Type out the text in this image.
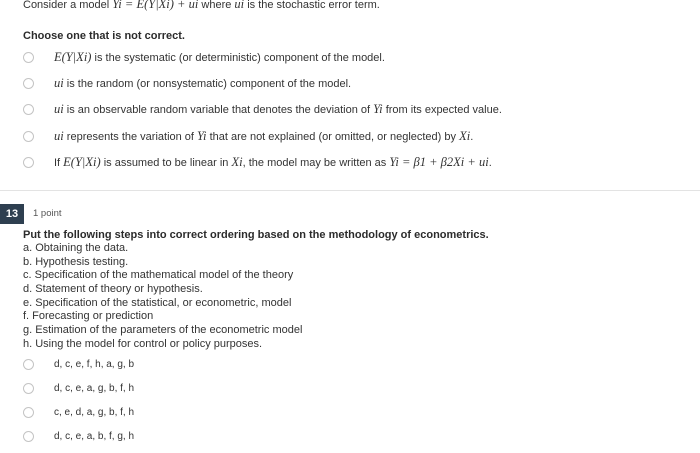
Consider a model Yi = E(Y|Xi) + ui where ui is the stochastic error term.
Choose one that is not correct.
E(Y|Xi) is the systematic (or deterministic) component of the model.
ui is the random (or nonsystematic) component of the model.
ui is an observable random variable that denotes the deviation of Yi from its expected value.
ui represents the variation of Yi that are not explained (or omitted, or neglected) by Xi.
If E(Y|Xi) is assumed to be linear in Xi, the model may be written as Yi = β1 + β2Xi + ui.
13	1 point
Put the following steps into correct ordering based on the methodology of econometrics.
a. Obtaining the data.
b. Hypothesis testing.
c. Specification of the mathematical model of the theory
d. Statement of theory or hypothesis.
e. Specification of the statistical, or econometric, model
f. Forecasting or prediction
g. Estimation of the parameters of the econometric model
h. Using the model for control or policy purposes.
d, c, e, f, h, a, g, b
d, c, e, a, g, b, f, h
c, e, d, a, g, b, f, h
d, c, e, a, b, f, g, h
